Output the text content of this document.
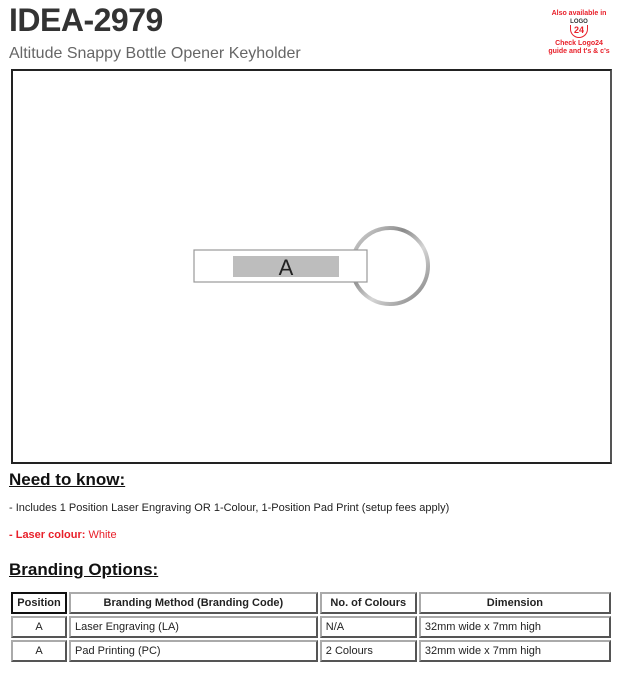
IDEA-2979
Altitude Snappy Bottle Opener Keyholder
Also available in
LOGO
24
Check Logo24
guide and t's & c's
A
Need to know:
- Includes 1 Position Laser Engraving OR 1-Colour, 1-Position Pad Print (setup fees apply)
- Laser colour: White
Branding Options:
Position	Branding Method (Branding Code)	No. of Colours	Dimension
A	Laser Engraving (LA)	N/A	32mm wide x 7mm high
A	Pad Printing (PC)	2 Colours	32mm wide x 7mm high
